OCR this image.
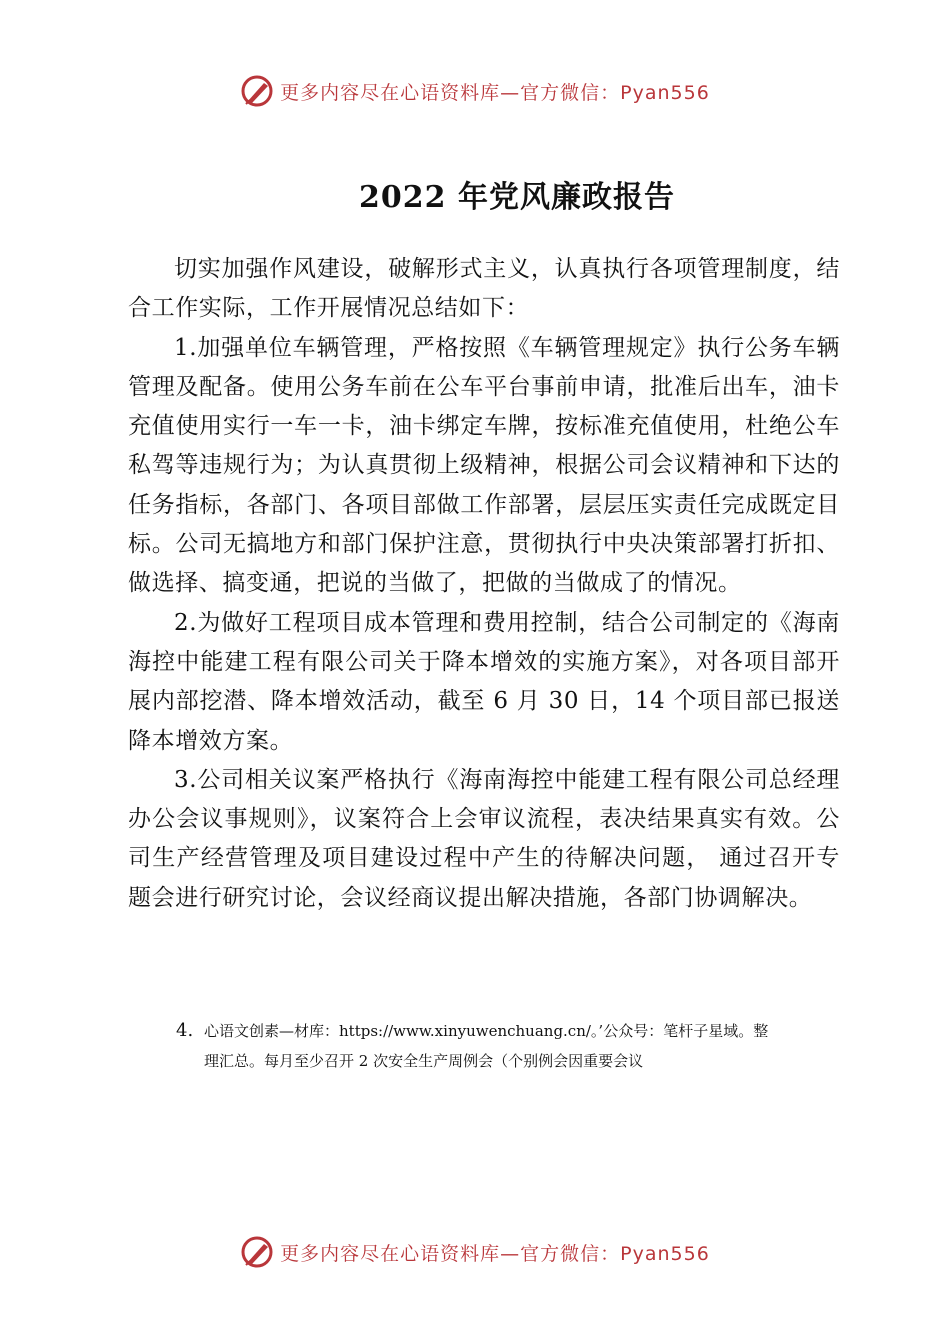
更多内容尽在心语资料库—官方微信：Pyan556
2022 年党风廉政报告

切实加强作风建设，破解形式主义，认真执行各项管理制度，结合工作实际，工作开展情况总结如下：

1.加强单位车辆管理，严格按照《车辆管理规定》执行公务车辆管理及配备。使用公务车前在公车平台事前申请，批准后出车，油卡充值使用实行一车一卡，油卡绑定车牌，按标准充值使用，杜绝公车私驾等违规行为；为认真贯彻上级精神，根据公司会议精神和下达的任务指标，各部门、各项目部做工作部署，层层压实责任完成既定目标。公司无搞地方和部门保护注意，贯彻执行中央决策部署打折扣、做选择、搞变通，把说的当做了，把做的当做成了的情况。

2.为做好工程项目成本管理和费用控制，结合公司制定的《海南海控中能建工程有限公司关于降本增效的实施方案》，对各项目部开展内部挖潜、降本增效活动，截至 6 月 30 日，14 个项目部已报送降本增效方案。

3.公司相关议案严格执行《海南海控中能建工程有限公司总经理办公会议事规则》，议案符合上会审议流程，表决结果真实有效。公司生产经营管理及项目建设过程中产生的待解决问题， 通过召开专题会进行研究讨论，会议经商议提出解决措施，各部门协调解决。

4. 心语文创素—材库：https://www.xinyuwenchuang.cn/。’公众号：笔杆子星域。整
理汇总。每月至少召开 2 次安全生产周例会（个别例会因重要会议
更多内容尽在心语资料库—官方微信：Pyan556
